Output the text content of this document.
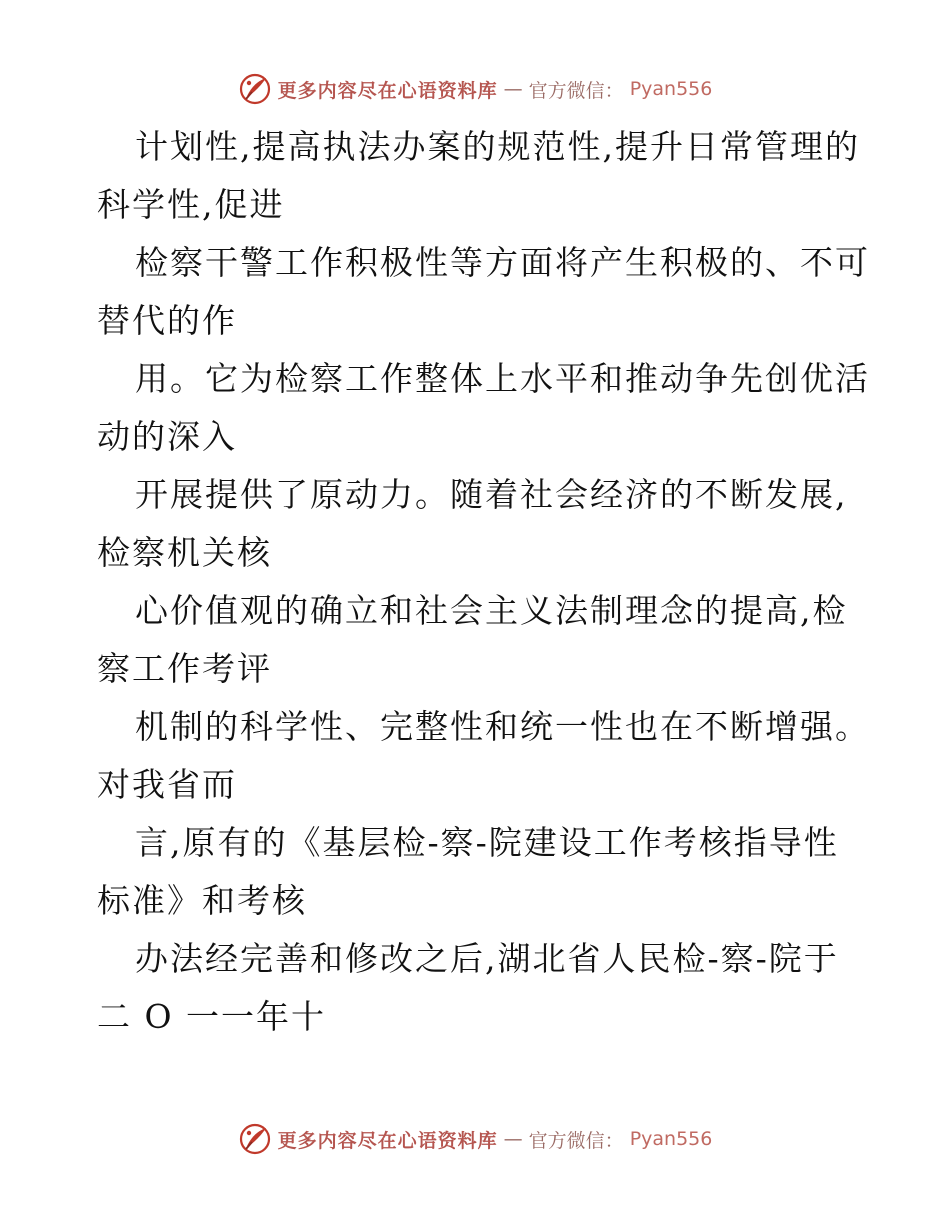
更多内容尽在心语资料库 — 官方微信： Pyan556

计划性,提高执法办案的规范性,提升日常管理的

科学性,促进

检察干警工作积极性等方面将产生积极的、不可

替代的作

用。它为检察工作整体上水平和推动争先创优活

动的深入

开展提供了原动力。随着社会经济的不断发展,

检察机关核

心价值观的确立和社会主义法制理念的提高,检

察工作考评

机制的科学性、完整性和统一性也在不断增强。

对我省而

言,原有的《基层检-察-院建设工作考核指导性

标准》和考核

办法经完善和修改之后,湖北省人民检-察-院于

二 O 一一年十

更多内容尽在心语资料库 — 官方微信： Pyan556
